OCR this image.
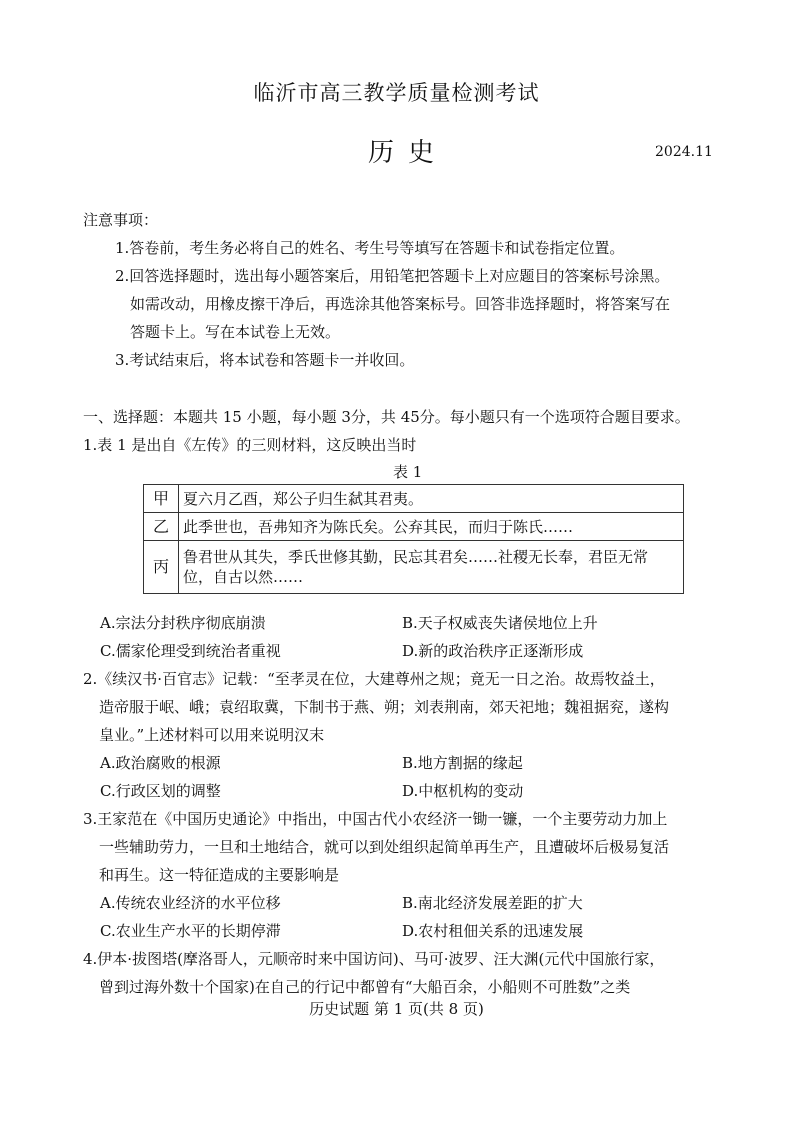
临沂市高三教学质量检测考试
历史	2024.11
注意事项：
1.答卷前，考生务必将自己的姓名、考生号等填写在答题卡和试卷指定位置。
2.回答选择题时，选出每小题答案后，用铅笔把答题卡上对应题目的答案标号涂黑。
如需改动，用橡皮擦干净后，再选涂其他答案标号。回答非选择题时，将答案写在
答题卡上。写在本试卷上无效。
3.考试结束后，将本试卷和答题卡一并收回。
一、选择题：本题共 15 小题，每小题 3分，共 45分。每小题只有一个选项符合题目要求。
1.表 1 是出自《左传》的三则材料，这反映出当时
表 1
甲	夏六月乙酉，郑公子归生弑其君夷。
乙	此季世也，吾弗知齐为陈氏矣。公弃其民，而归于陈氏……
丙	鲁君世从其失，季氏世修其勤，民忘其君矣……社稷无长奉，君臣无常
位，自古以然……
A.宗法分封秩序彻底崩溃	B.天子权威丧失诸侯地位上升
C.儒家伦理受到统治者重视	D.新的政治秩序正逐渐形成
2.《续汉书·百官志》记载：“至孝灵在位，大建尊州之规；竟无一日之治。故焉牧益土，
造帝服于岷、峨；袁绍取冀，下制书于燕、朔；刘表荆南，郊天祀地；魏祖据兖，遂构
皇业。”上述材料可以用来说明汉末
A.政治腐败的根源	B.地方割据的缘起
C.行政区划的调整	D.中枢机构的变动
3.王家范在《中国历史通论》中指出，中国古代小农经济一锄一镰，一个主要劳动力加上
一些辅助劳力，一旦和土地结合，就可以到处组织起简单再生产，且遭破坏后极易复活
和再生。这一特征造成的主要影响是
A.传统农业经济的水平位移	B.南北经济发展差距的扩大
C.农业生产水平的长期停滞	D.农村租佃关系的迅速发展
4.伊本·拔图塔(摩洛哥人，元顺帝时来中国访问)、马可·波罗、汪大渊(元代中国旅行家，
曾到过海外数十个国家)在自己的行记中都曾有“大船百余，小船则不可胜数”之类
历史试题 第 1 页(共 8 页)
